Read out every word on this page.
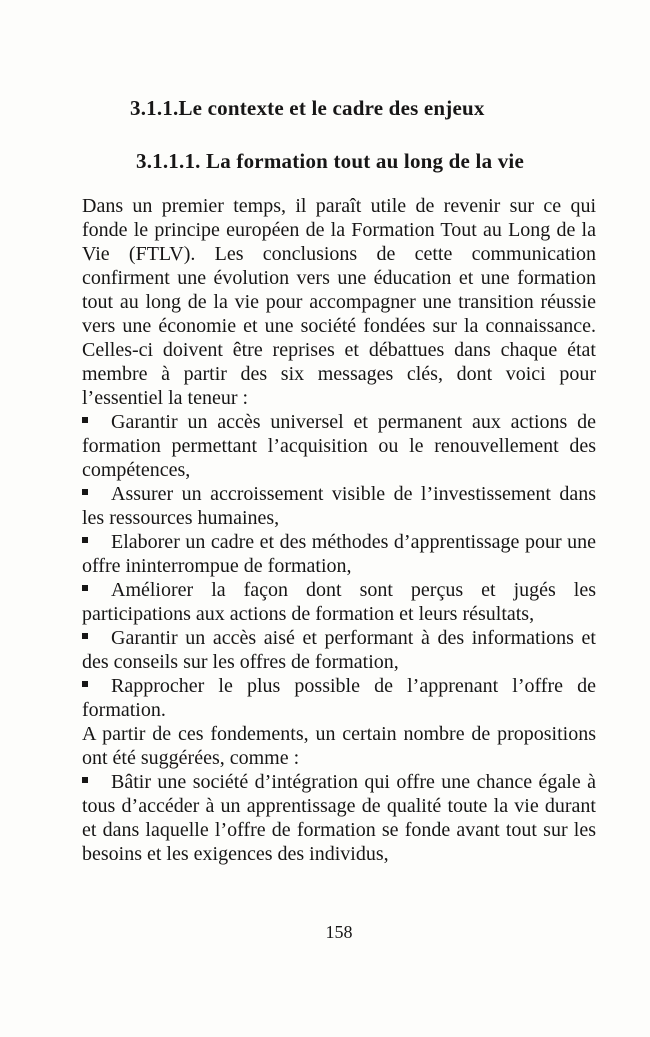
3.1.1.Le contexte et le cadre des enjeux
3.1.1.1. La formation tout au long de la vie

Dans un premier temps, il paraît utile de revenir sur ce qui fonde le principe européen de la Formation Tout au Long de la Vie (FTLV). Les conclusions de cette communication confirment une évolution vers une éducation et une formation tout au long de la vie pour accompagner une transition réussie vers une économie et une société fondées sur la connaissance. Celles-ci doivent être reprises et débattues dans chaque état membre à partir des six messages clés, dont voici pour l’essentiel la teneur :

Garantir un accès universel et permanent aux actions de formation permettant l’acquisition ou le renouvellement des compétences,

Assurer un accroissement visible de l’investissement dans les ressources humaines,

Elaborer un cadre et des méthodes d’apprentissage pour une offre ininterrompue de formation,

Améliorer la façon dont sont perçus et jugés les participations aux actions de formation et leurs résultats,

Garantir un accès aisé et performant à des informations et des conseils sur les offres de formation,

Rapprocher le plus possible de l’apprenant l’offre de formation.

A partir de ces fondements, un certain nombre de propositions ont été suggérées, comme :

Bâtir une société d’intégration qui offre une chance égale à tous d’accéder à un apprentissage de qualité toute la vie durant et dans laquelle l’offre de formation se fonde avant tout sur les besoins et les exigences des individus,

158
